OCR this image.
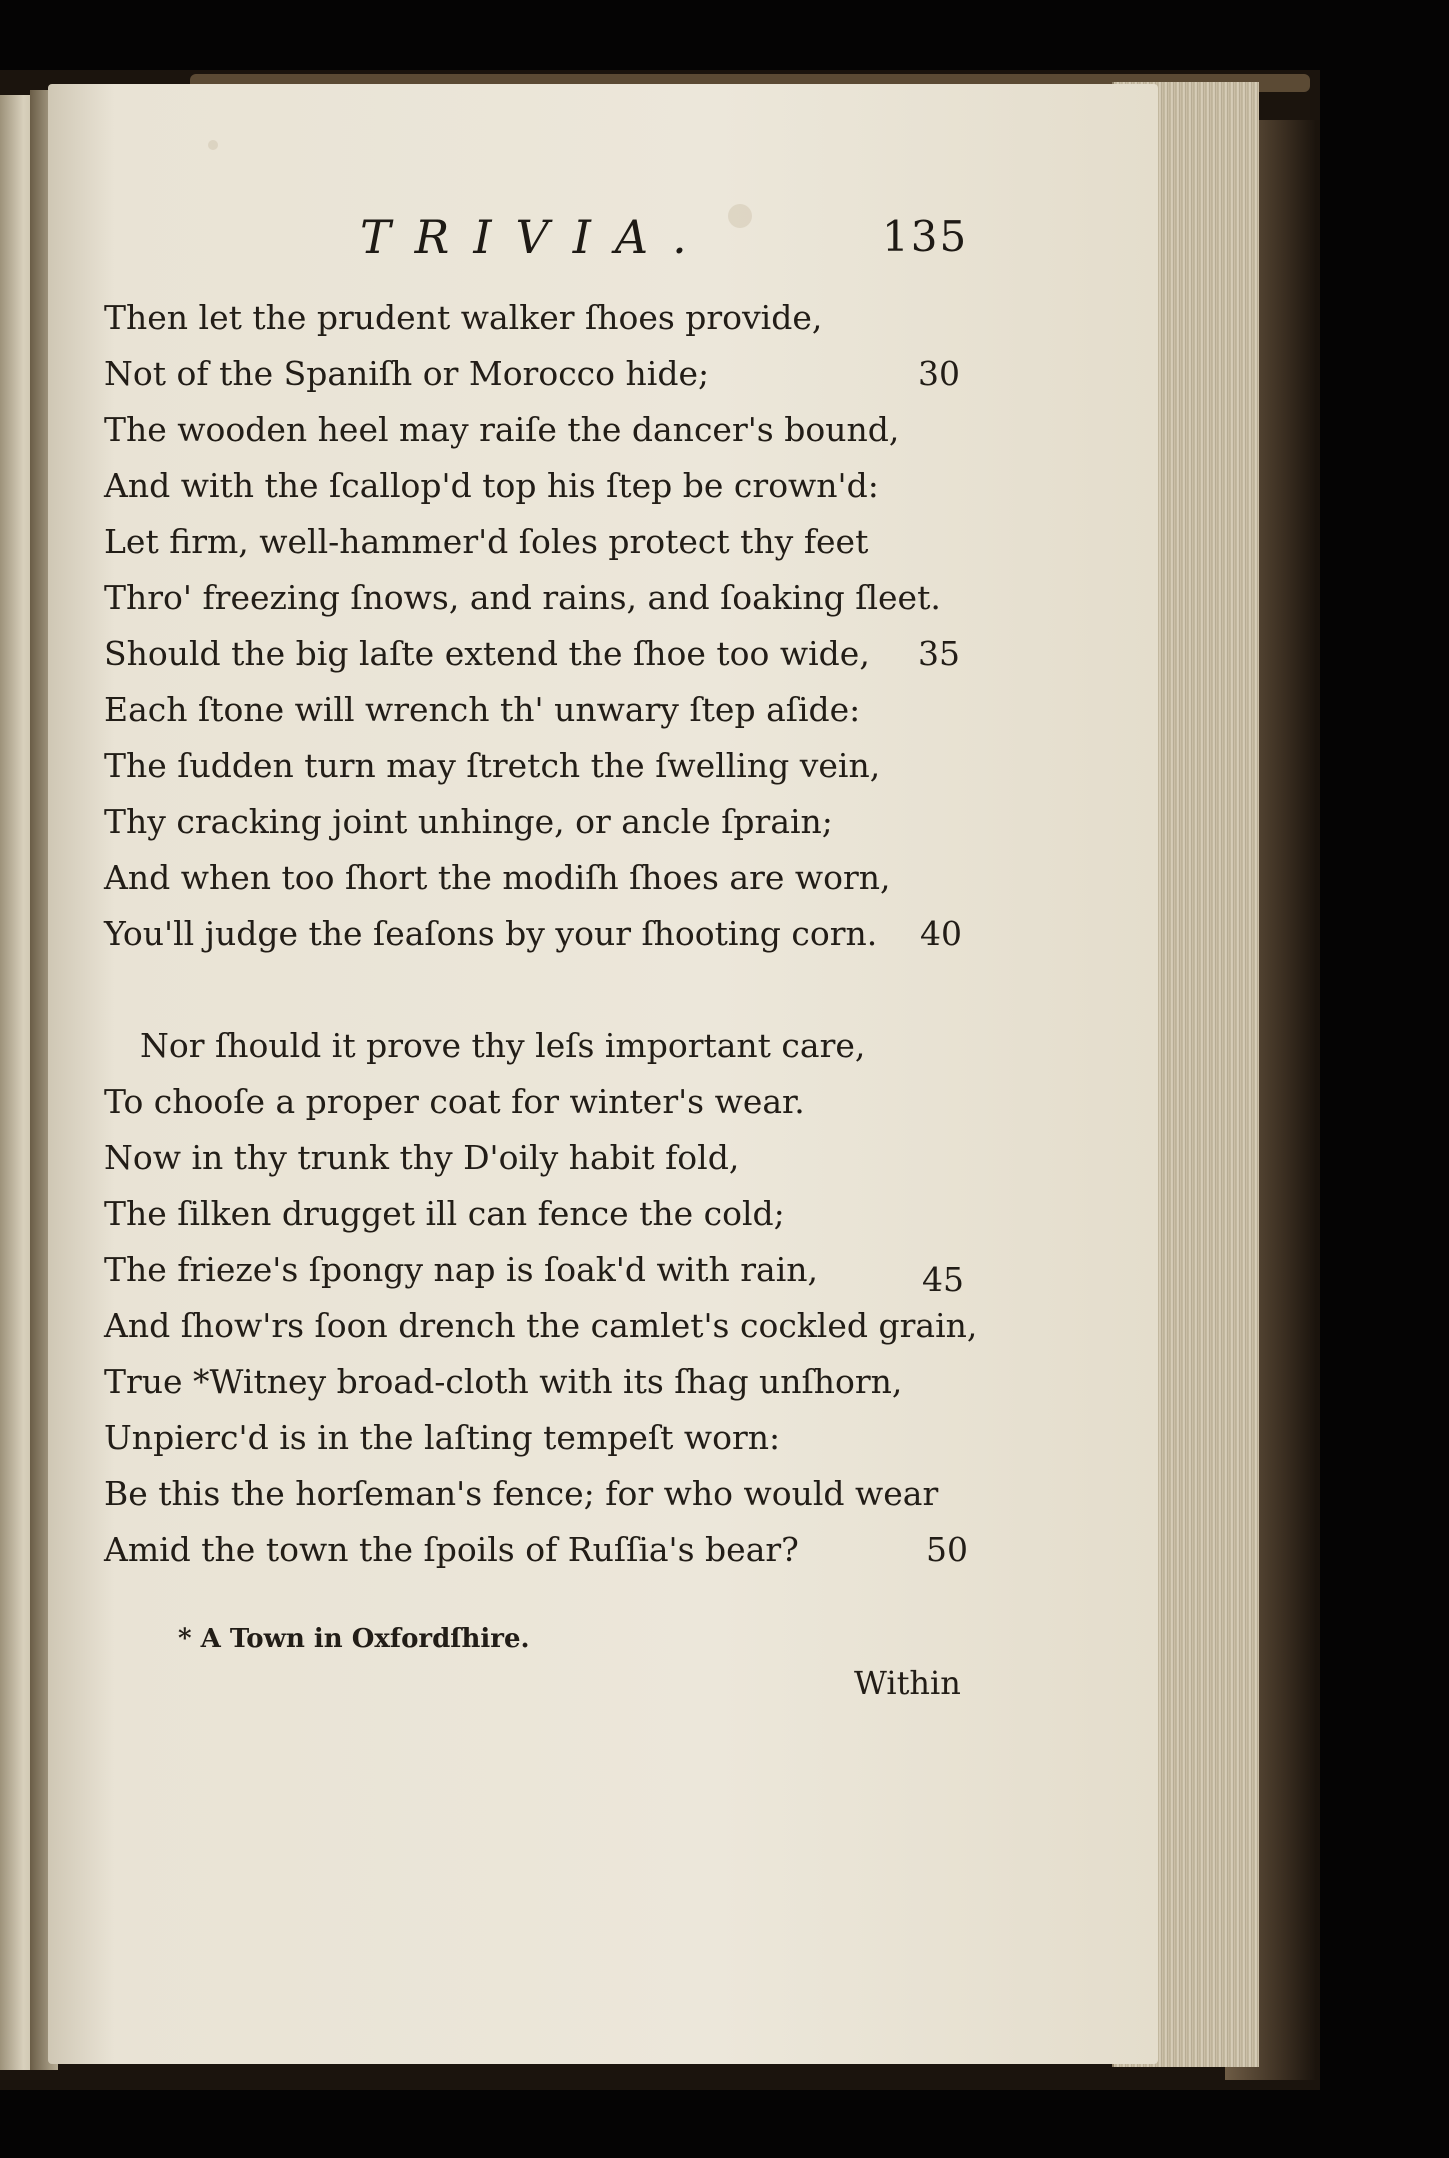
TRIVIA.	135
Then let the prudent walker ſhoes provide,
Not of the Spaniſh or Morocco hide;	30
The wooden heel may raiſe the dancer's bound,
And with the ſcallop'd top his ſtep be crown'd:
Let firm, well-hammer'd ſoles protect thy feet
Thro' freezing ſnows, and rains, and ſoaking ſleet.
Should the big laſte extend the ſhoe too wide, 35
Each ſtone will wrench th' unwary ſtep aſide:
The ſudden turn may ſtretch the ſwelling vein,
Thy cracking joint unhinge, or ancle ſprain;
And when too ſhort the modiſh ſhoes are worn,
You'll judge the ſeaſons by your ſhooting corn. 40
Nor ſhould it prove thy leſs important care,
To chooſe a proper coat for winter's wear.
Now in thy trunk thy D'oily habit fold,
The ſilken drugget ill can fence the cold;
The frieze's ſpongy nap is ſoak'd with rain,	45
And ſhow'rs ſoon drench the camlet's cockled grain,
True *Witney broad-cloth with its ſhag unſhorn,
Unpierc'd is in the laſting tempeſt worn:
Be this the horſeman's fence; for who would wear
Amid the town the ſpoils of Ruſſia's bear?	50
* A Town in Oxfordſhire.
Within
